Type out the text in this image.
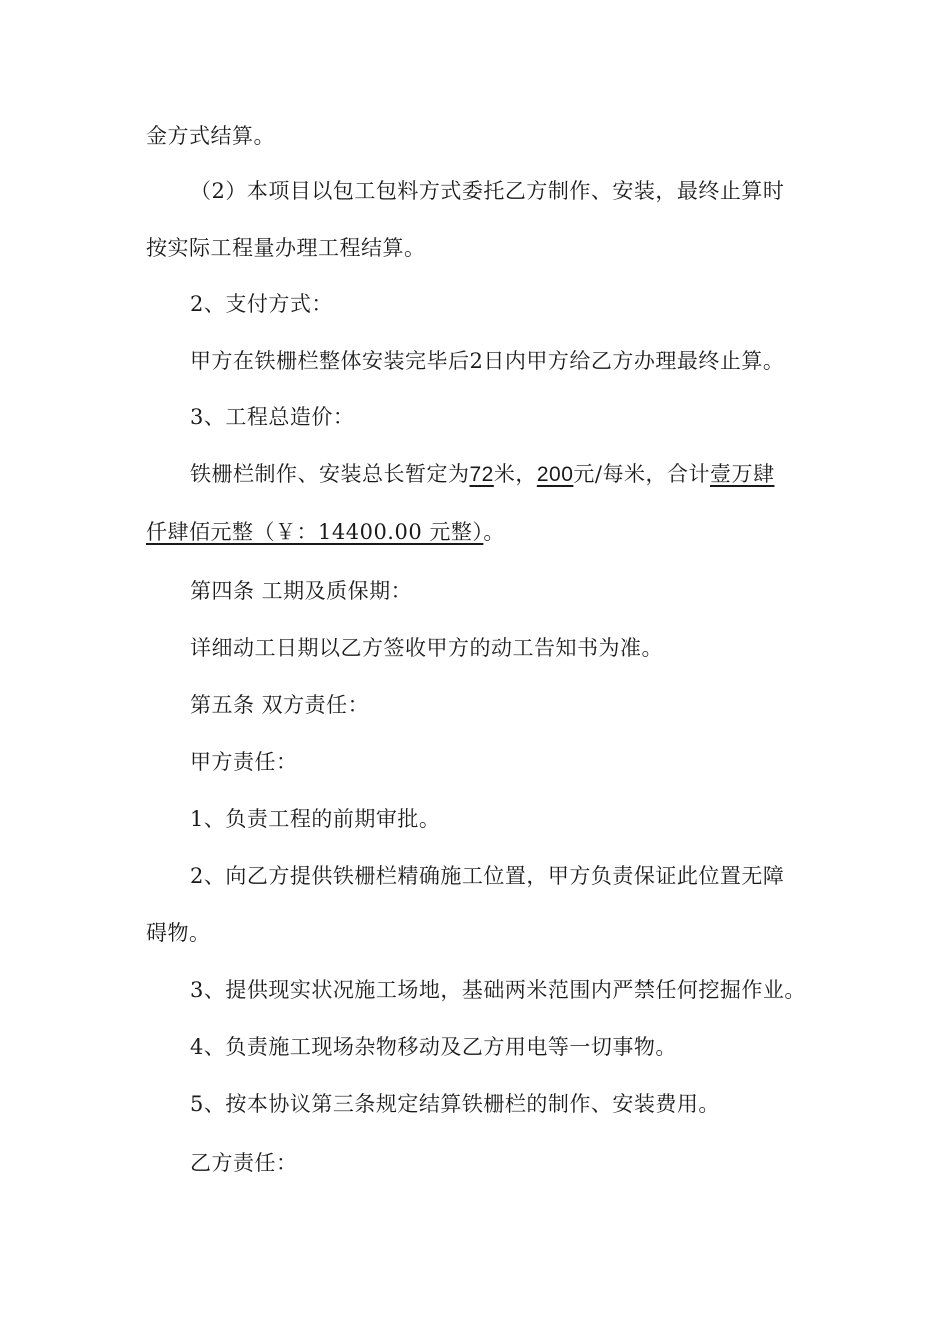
金方式结算。
（2）本项目以包工包料方式委托乙方制作、安装，最终止算时
按实际工程量办理工程结算。
2、支付方式：
甲方在铁栅栏整体安装完毕后2日内甲方给乙方办理最终止算。
3、工程总造价：
铁栅栏制作、安装总长暂定为72米，200元/每米，合计壹万肆
仟肆佰元整（￥：14400.00 元整）。
第四条 工期及质保期：
详细动工日期以乙方签收甲方的动工告知书为准。
第五条 双方责任：
甲方责任：
1、负责工程的前期审批。
2、向乙方提供铁栅栏精确施工位置，甲方负责保证此位置无障
碍物。
3、提供现实状况施工场地，基础两米范围内严禁任何挖掘作业。
4、负责施工现场杂物移动及乙方用电等一切事物。
5、按本协议第三条规定结算铁栅栏的制作、安装费用。
乙方责任：
